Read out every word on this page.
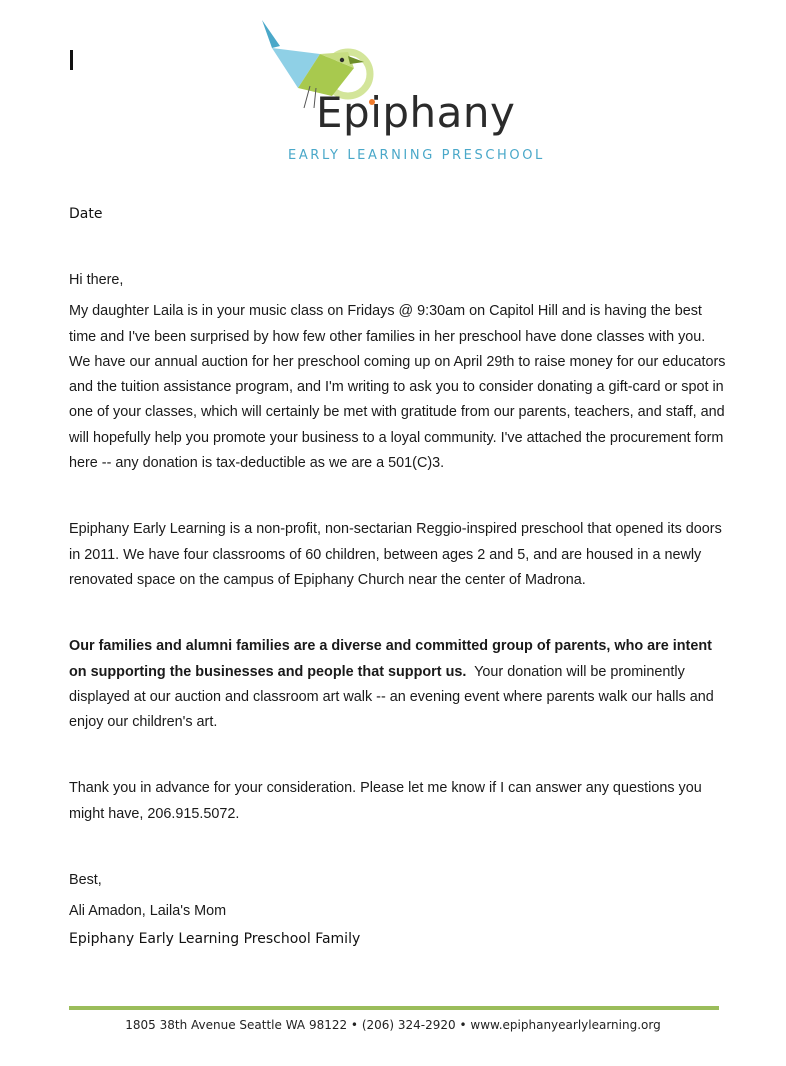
Epiphany
EARLY LEARNING PRESCHOOL
Date

Hi there,

My daughter Laila is in your music class on Fridays @ 9:30am on Capitol Hill and is having the best time and I've been surprised by how few other families in her preschool have done classes with you. We have our annual auction for her preschool coming up on April 29th to raise money for our educators and the tuition assistance program, and I'm writing to ask you to consider donating a gift-card or spot in one of your classes, which will certainly be met with gratitude from our parents, teachers, and staff, and will hopefully help you promote your business to a loyal community. I've attached the procurement form here -- any donation is tax-deductible as we are a 501(C)3.

Epiphany Early Learning is a non-profit, non-sectarian Reggio-inspired preschool that opened its doors in 2011. We have four classrooms of 60 children, between ages 2 and 5, and are housed in a newly renovated space on the campus of Epiphany Church near the center of Madrona.

Our families and alumni families are a diverse and committed group of parents, who are intent on supporting the businesses and people that support us. Your donation will be prominently displayed at our auction and classroom art walk -- an evening event where parents walk our halls and enjoy our children's art.

Thank you in advance for your consideration. Please let me know if I can answer any questions you might have, 206.915.5072.

Best,

Ali Amadon, Laila's Mom

Epiphany Early Learning Preschool Family

1805 38th Avenue Seattle WA 98122 • (206) 324-2920 • www.epiphanyearlylearning.org
